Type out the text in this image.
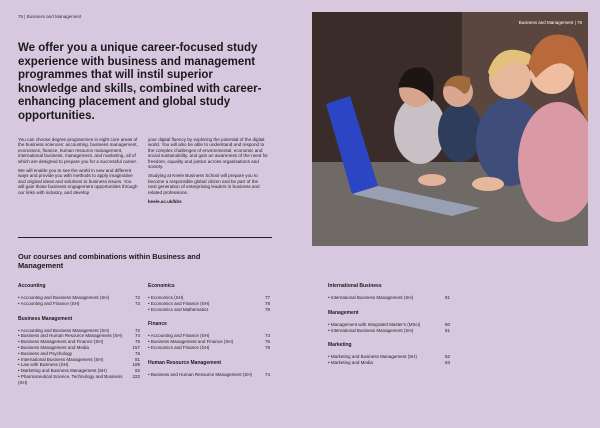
78 | Business and Management
We offer you a unique career-focused study experience with business and management programmes that will instil superior knowledge and skills, combined with career-enhancing placement and global study opportunities.

You can choose degree programmes in eight core areas of the business sciences: accounting, business management, economics, finance, human resource management, international business, management, and marketing, all of which are designed to prepare you for a successful career.

We will enable you to see the world in new and different ways and provide you with methods to apply imaginative and original ideas and solutions to business issues. You will gain those business engagement opportunities through our links with industry, and develop

your digital fluency by exploring the potential of the digital world. You will also be able to understand and respond to the complex challenges of environmental, economic and social sustainability, and gain an awareness of the need for freedom, equality and justice across organisations and society.

Studying at Keele Business School will prepare you to become a responsible global citizen and be part of the next generation of enterprising leaders in business and related professions.

keele.ac.uk/kbs

Business and Management | 79
Our courses and combinations within Business and Management
Accounting
• Accounting and Business Management (SH)	72
• Accounting and Finance (SH)	73
Business Management
• Accounting and Business Management (SH)	72
• Business and Human Resource Management (SH)	74
• Business Management and Finance (SH)	75
• Business Management and Media	157
• Business and Psychology	76
• International Business Management (SH)	81
• Law with Business (SH)	189
• Marketing and Business Management (SH)	82
• Pharmaceutical Science, Technology and Business (SH)
222
Economics
• Economics (SH)	77
• Economics and Finance (SH)	78
• Economics and Mathematics	79
Finance
• Accounting and Finance (SH)	73
• Business Management and Finance (SH)	75
• Economics and Finance (SH)	78
Human Resource Management
• Business and Human Resource Management (SH)	74
International Business
• International Business Management (SH)	81
Management
• Management with Integrated Master's (MSci)	80
• International Business Management (SH)	81
Marketing
• Marketing and Business Management (SH)	82
• Marketing and Media	83
